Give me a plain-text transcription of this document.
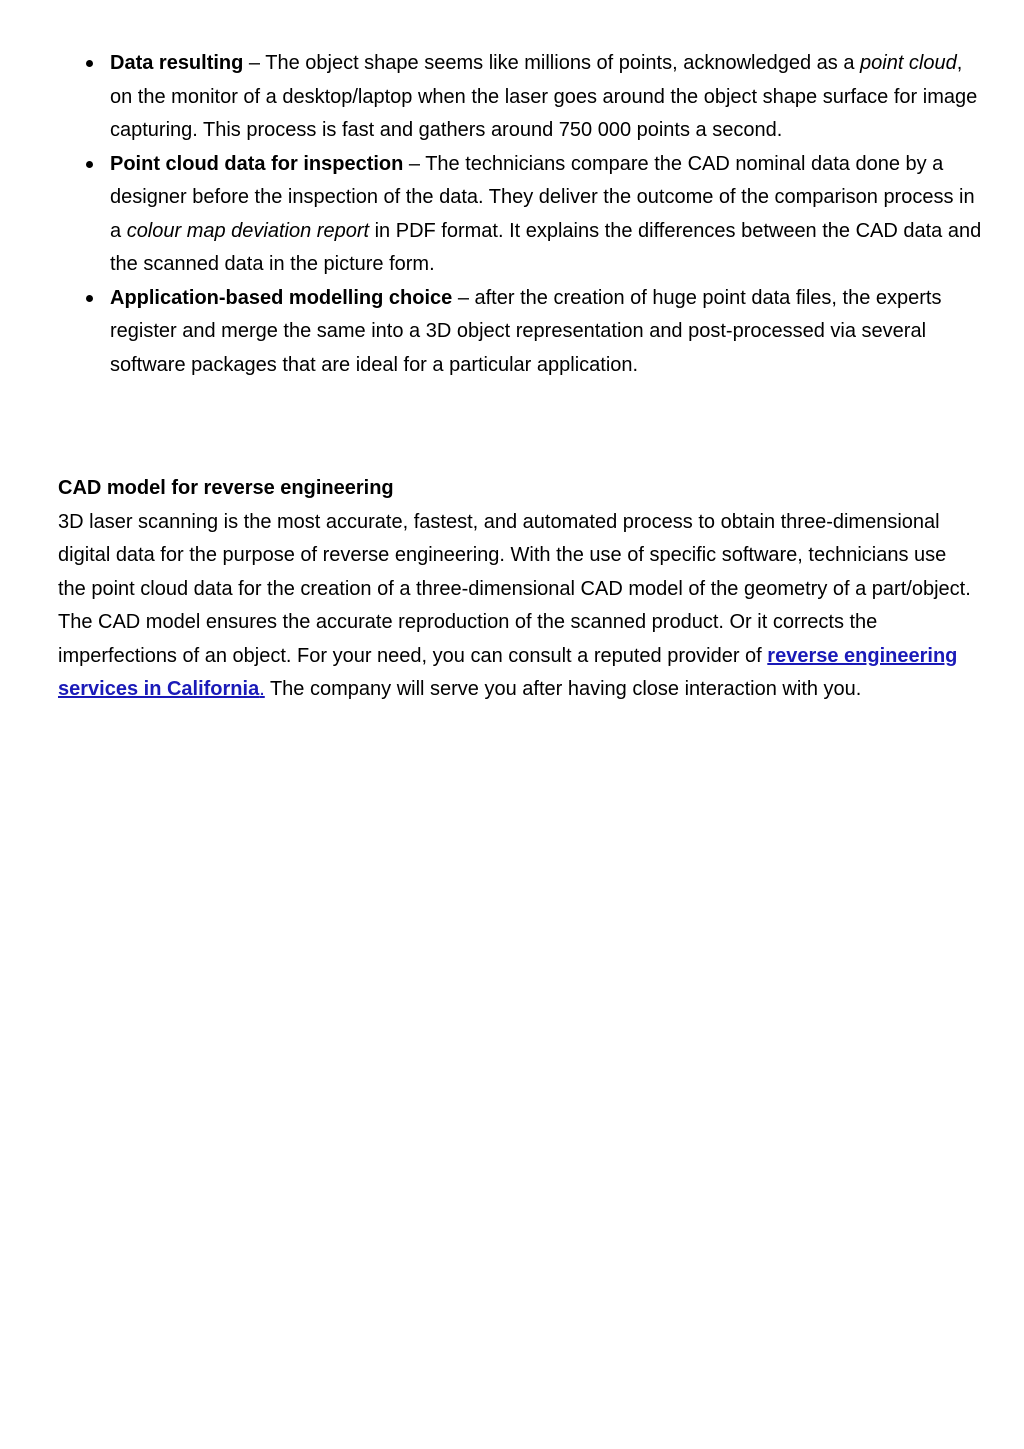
Data resulting – The object shape seems like millions of points, acknowledged as a point cloud, on the monitor of a desktop/laptop when the laser goes around the object shape surface for image capturing. This process is fast and gathers around 750 000 points a second.
Point cloud data for inspection – The technicians compare the CAD nominal data done by a designer before the inspection of the data. They deliver the outcome of the comparison process in a colour map deviation report in PDF format. It explains the differences between the CAD data and the scanned data in the picture form.
Application-based modelling choice – after the creation of huge point data files, the experts register and merge the same into a 3D object representation and post-processed via several software packages that are ideal for a particular application.

CAD model for reverse engineering

3D laser scanning is the most accurate, fastest, and automated process to obtain three-dimensional digital data for the purpose of reverse engineering. With the use of specific software, technicians use the point cloud data for the creation of a three-dimensional CAD model of the geometry of a part/object. The CAD model ensures the accurate reproduction of the scanned product. Or it corrects the imperfections of an object. For your need, you can consult a reputed provider of reverse engineering services in California. The company will serve you after having close interaction with you.
